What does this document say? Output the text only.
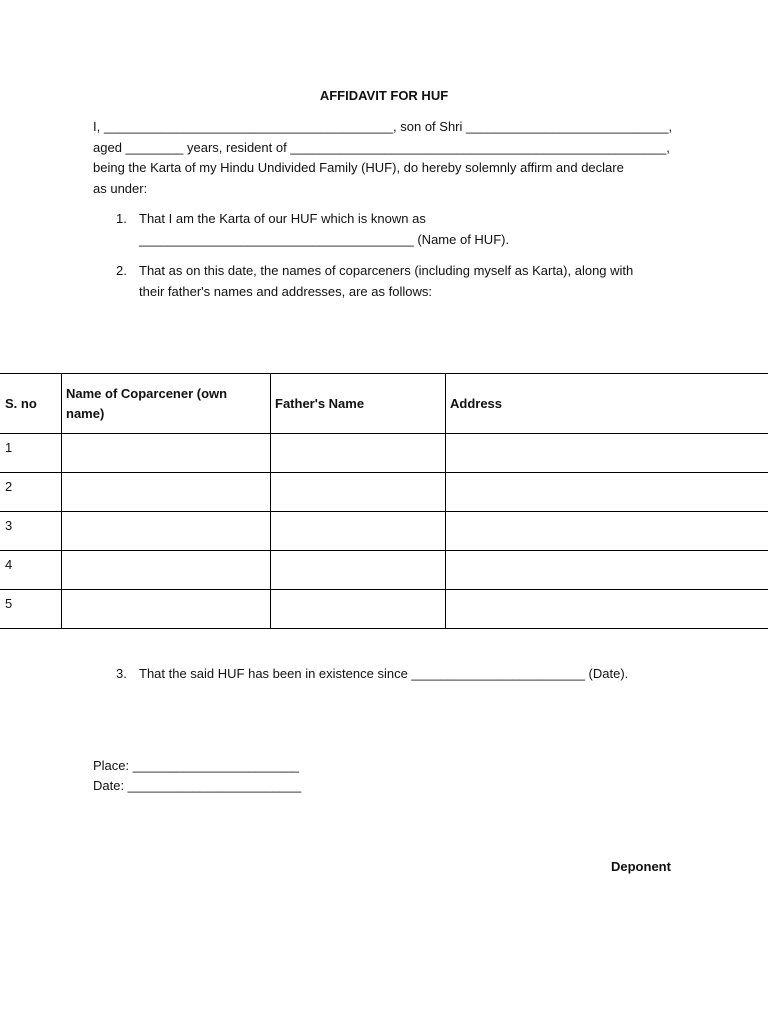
AFFIDAVIT FOR HUF
I, ________________________________________, son of Shri ____________________________,
aged ________ years, resident of ____________________________________________________,
being the Karta of my Hindu Undivided Family (HUF), do hereby solemnly affirm and declare
as under:
1. That I am the Karta of our HUF which is known as
______________________________________ (Name of HUF).
2. That as on this date, the names of coparceners (including myself as Karta), along with
their father's names and addresses, are as follows:
S. no	Name of Coparcener (own name)	Father's Name	Address
1			
2			
3			
4			
5			
3. That the said HUF has been in existence since ________________________ (Date).
Place: _______________________
Date: ________________________
Deponent
